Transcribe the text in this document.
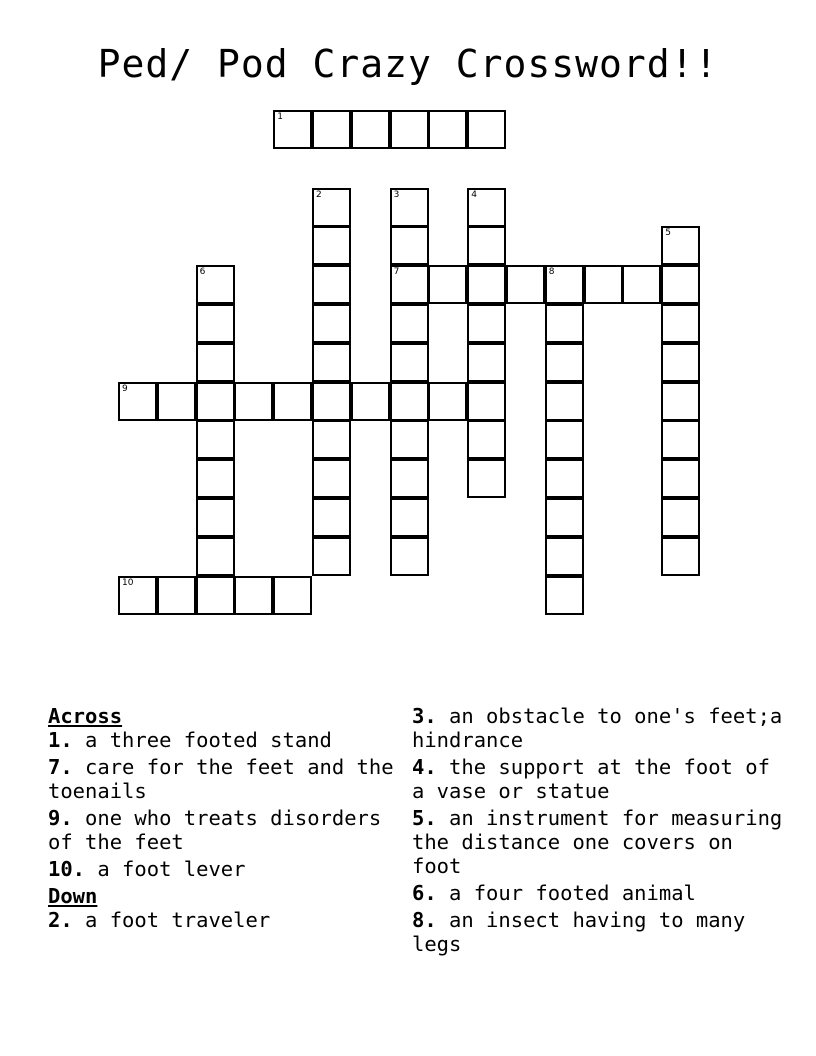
Ped/ Pod Crazy Crossword!!
1
2	3
7
4
5
6	8
9
10
Across
1. a three footed stand
7. care for the feet and the toenails
9. one who treats disorders of the feet
10. a foot lever
Down
2. a foot traveler
3. an obstacle to one's feet;a hindrance
4. the support at the foot of a vase or statue
5. an instrument for measuring the distance one covers on foot
6. a four footed animal
8. an insect having to many legs
